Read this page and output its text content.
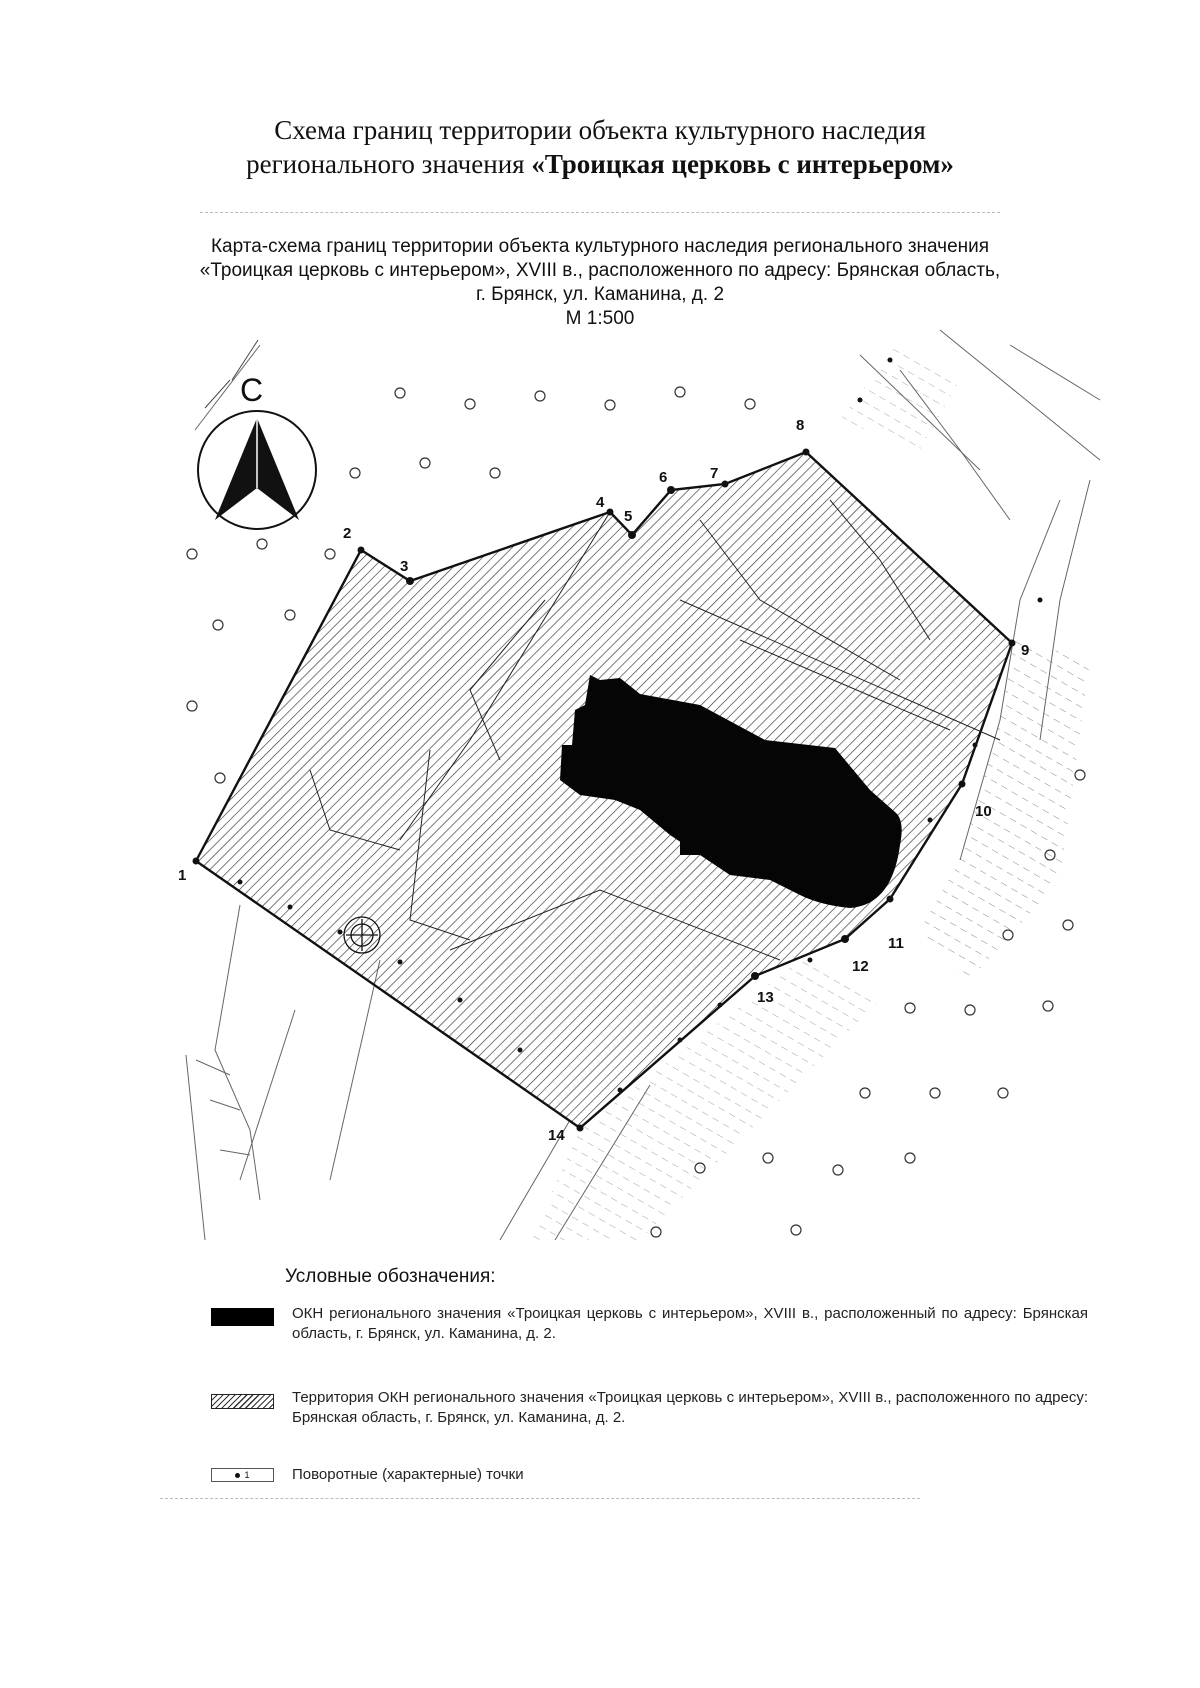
Схема границ территории объекта культурного наследия
регионального значения «Троицкая церковь с интерьером»
Карта-схема границ территории объекта культурного наследия регионального значения
«Троицкая церковь с интерьером», XVIII в., расположенного по адресу: Брянская область,
г. Брянск, ул. Каманина, д. 2
М 1:500
С
1
2
3
4
5
6	7
8
9
10
11
12
13
14
Условные обозначения:
ОКН регионального значения «Троицкая церковь с интерьером», XVIII в., расположенный по адресу: Брянская область, г. Брянск, ул. Каманина, д. 2.
Территория ОКН регионального значения «Троицкая церковь с интерьером», XVIII в., расположенного по адресу: Брянская область, г. Брянск, ул. Каманина, д. 2.
1	Поворотные (характерные) точки
